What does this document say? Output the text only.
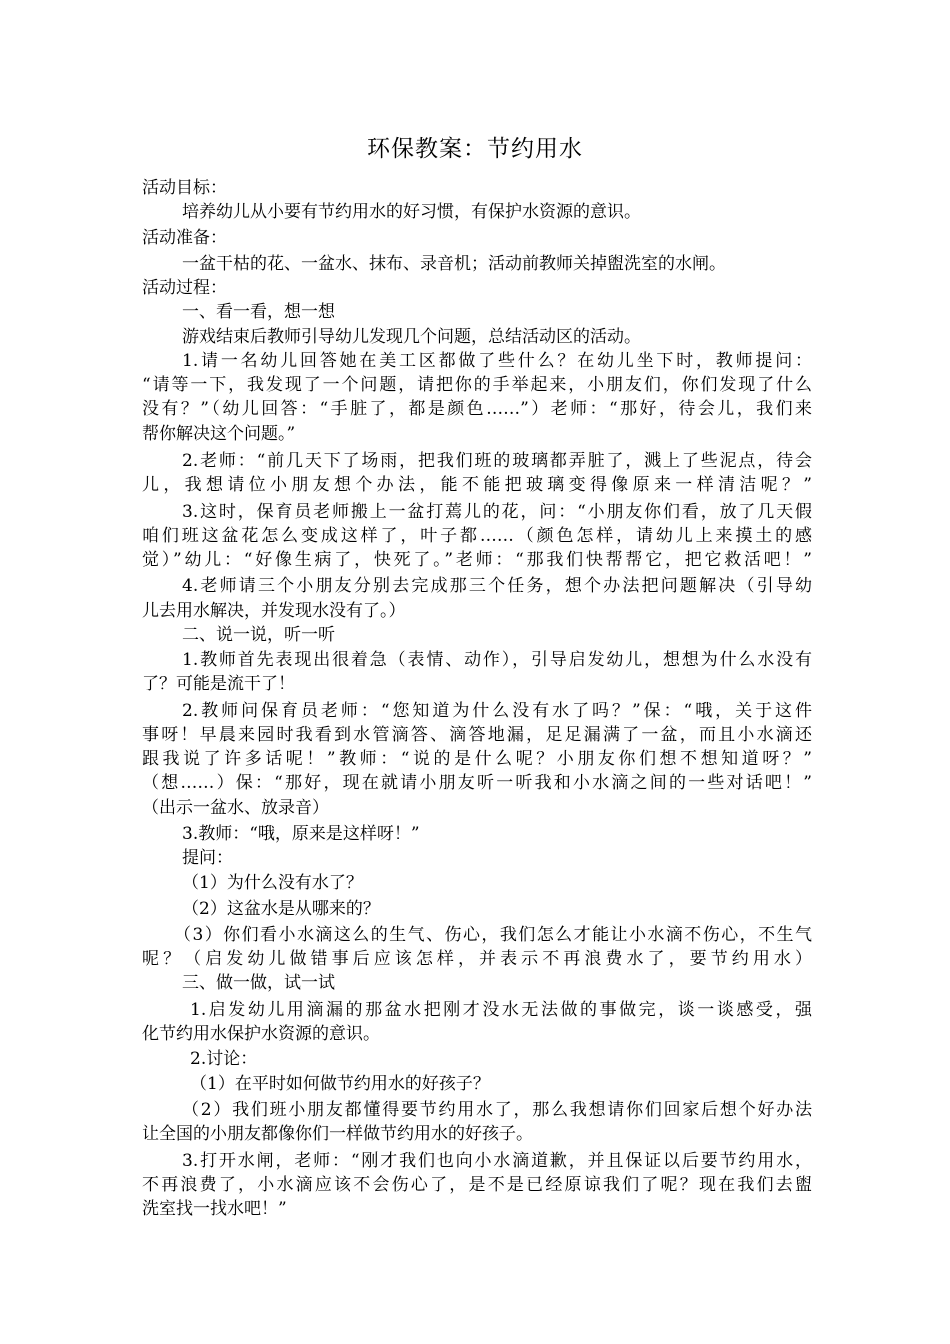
环保教案：节约用水
活动目标：
培养幼儿从小要有节约用水的好习惯，有保护水资源的意识。
活动准备：
一盆干枯的花、一盆水、抹布、录音机；活动前教师关掉盥洗室的水闸。
活动过程：
一、看一看，想一想
游戏结束后教师引导幼儿发现几个问题，总结活动区的活动。
1.请一名幼儿回答她在美工区都做了些什么？在幼儿坐下时，教师提问：
“请等一下，我发现了一个问题，请把你的手举起来，小朋友们，你们发现了什么
没有？”（幼儿回答：“手脏了，都是颜色……”）老师：“那好，待会儿，我们来
帮你解决这个问题。”
2.老师：“前几天下了场雨，把我们班的玻璃都弄脏了，溅上了些泥点，待会
儿，我想请位小朋友想个办法，能不能把玻璃变得像原来一样清洁呢？”
3.这时，保育员老师搬上一盆打蔫儿的花，问：“小朋友你们看，放了几天假
咱们班这盆花怎么变成这样了，叶子都……（颜色怎样，请幼儿上来摸土的感
觉）”幼儿：“好像生病了，快死了。”老师：“那我们快帮帮它，把它救活吧！”
4.老师请三个小朋友分别去完成那三个任务，想个办法把问题解决（引导幼
儿去用水解决，并发现水没有了。）
二、说一说，听一听
1.教师首先表现出很着急（表情、动作），引导启发幼儿，想想为什么水没有
了？可能是流干了！
2.教师问保育员老师：“您知道为什么没有水了吗？”保：“哦，关于这件
事呀！早晨来园时我看到水管滴答、滴答地漏，足足漏满了一盆，而且小水滴还
跟我说了许多话呢！”教师：“说的是什么呢？小朋友你们想不想知道呀？”
（想……）保：“那好，现在就请小朋友听一听我和小水滴之间的一些对话吧！”
（出示一盆水、放录音）
3.教师：“哦，原来是这样呀！”
提问：
（1）为什么没有水了？
（2）这盆水是从哪来的？
（3）你们看小水滴这么的生气、伤心，我们怎么才能让小水滴不伤心，不生气
呢？（启发幼儿做错事后应该怎样，并表示不再浪费水了，要节约用水）
三、做一做，试一试
1.启发幼儿用滴漏的那盆水把刚才没水无法做的事做完，谈一谈感受，强
化节约用水保护水资源的意识。
2.讨论：
（1）在平时如何做节约用水的好孩子？
（2）我们班小朋友都懂得要节约用水了，那么我想请你们回家后想个好办法
让全国的小朋友都像你们一样做节约用水的好孩子。
3.打开水闸，老师：“刚才我们也向小水滴道歉，并且保证以后要节约用水，
不再浪费了，小水滴应该不会伤心了，是不是已经原谅我们了呢？现在我们去盥
洗室找一找水吧！”
